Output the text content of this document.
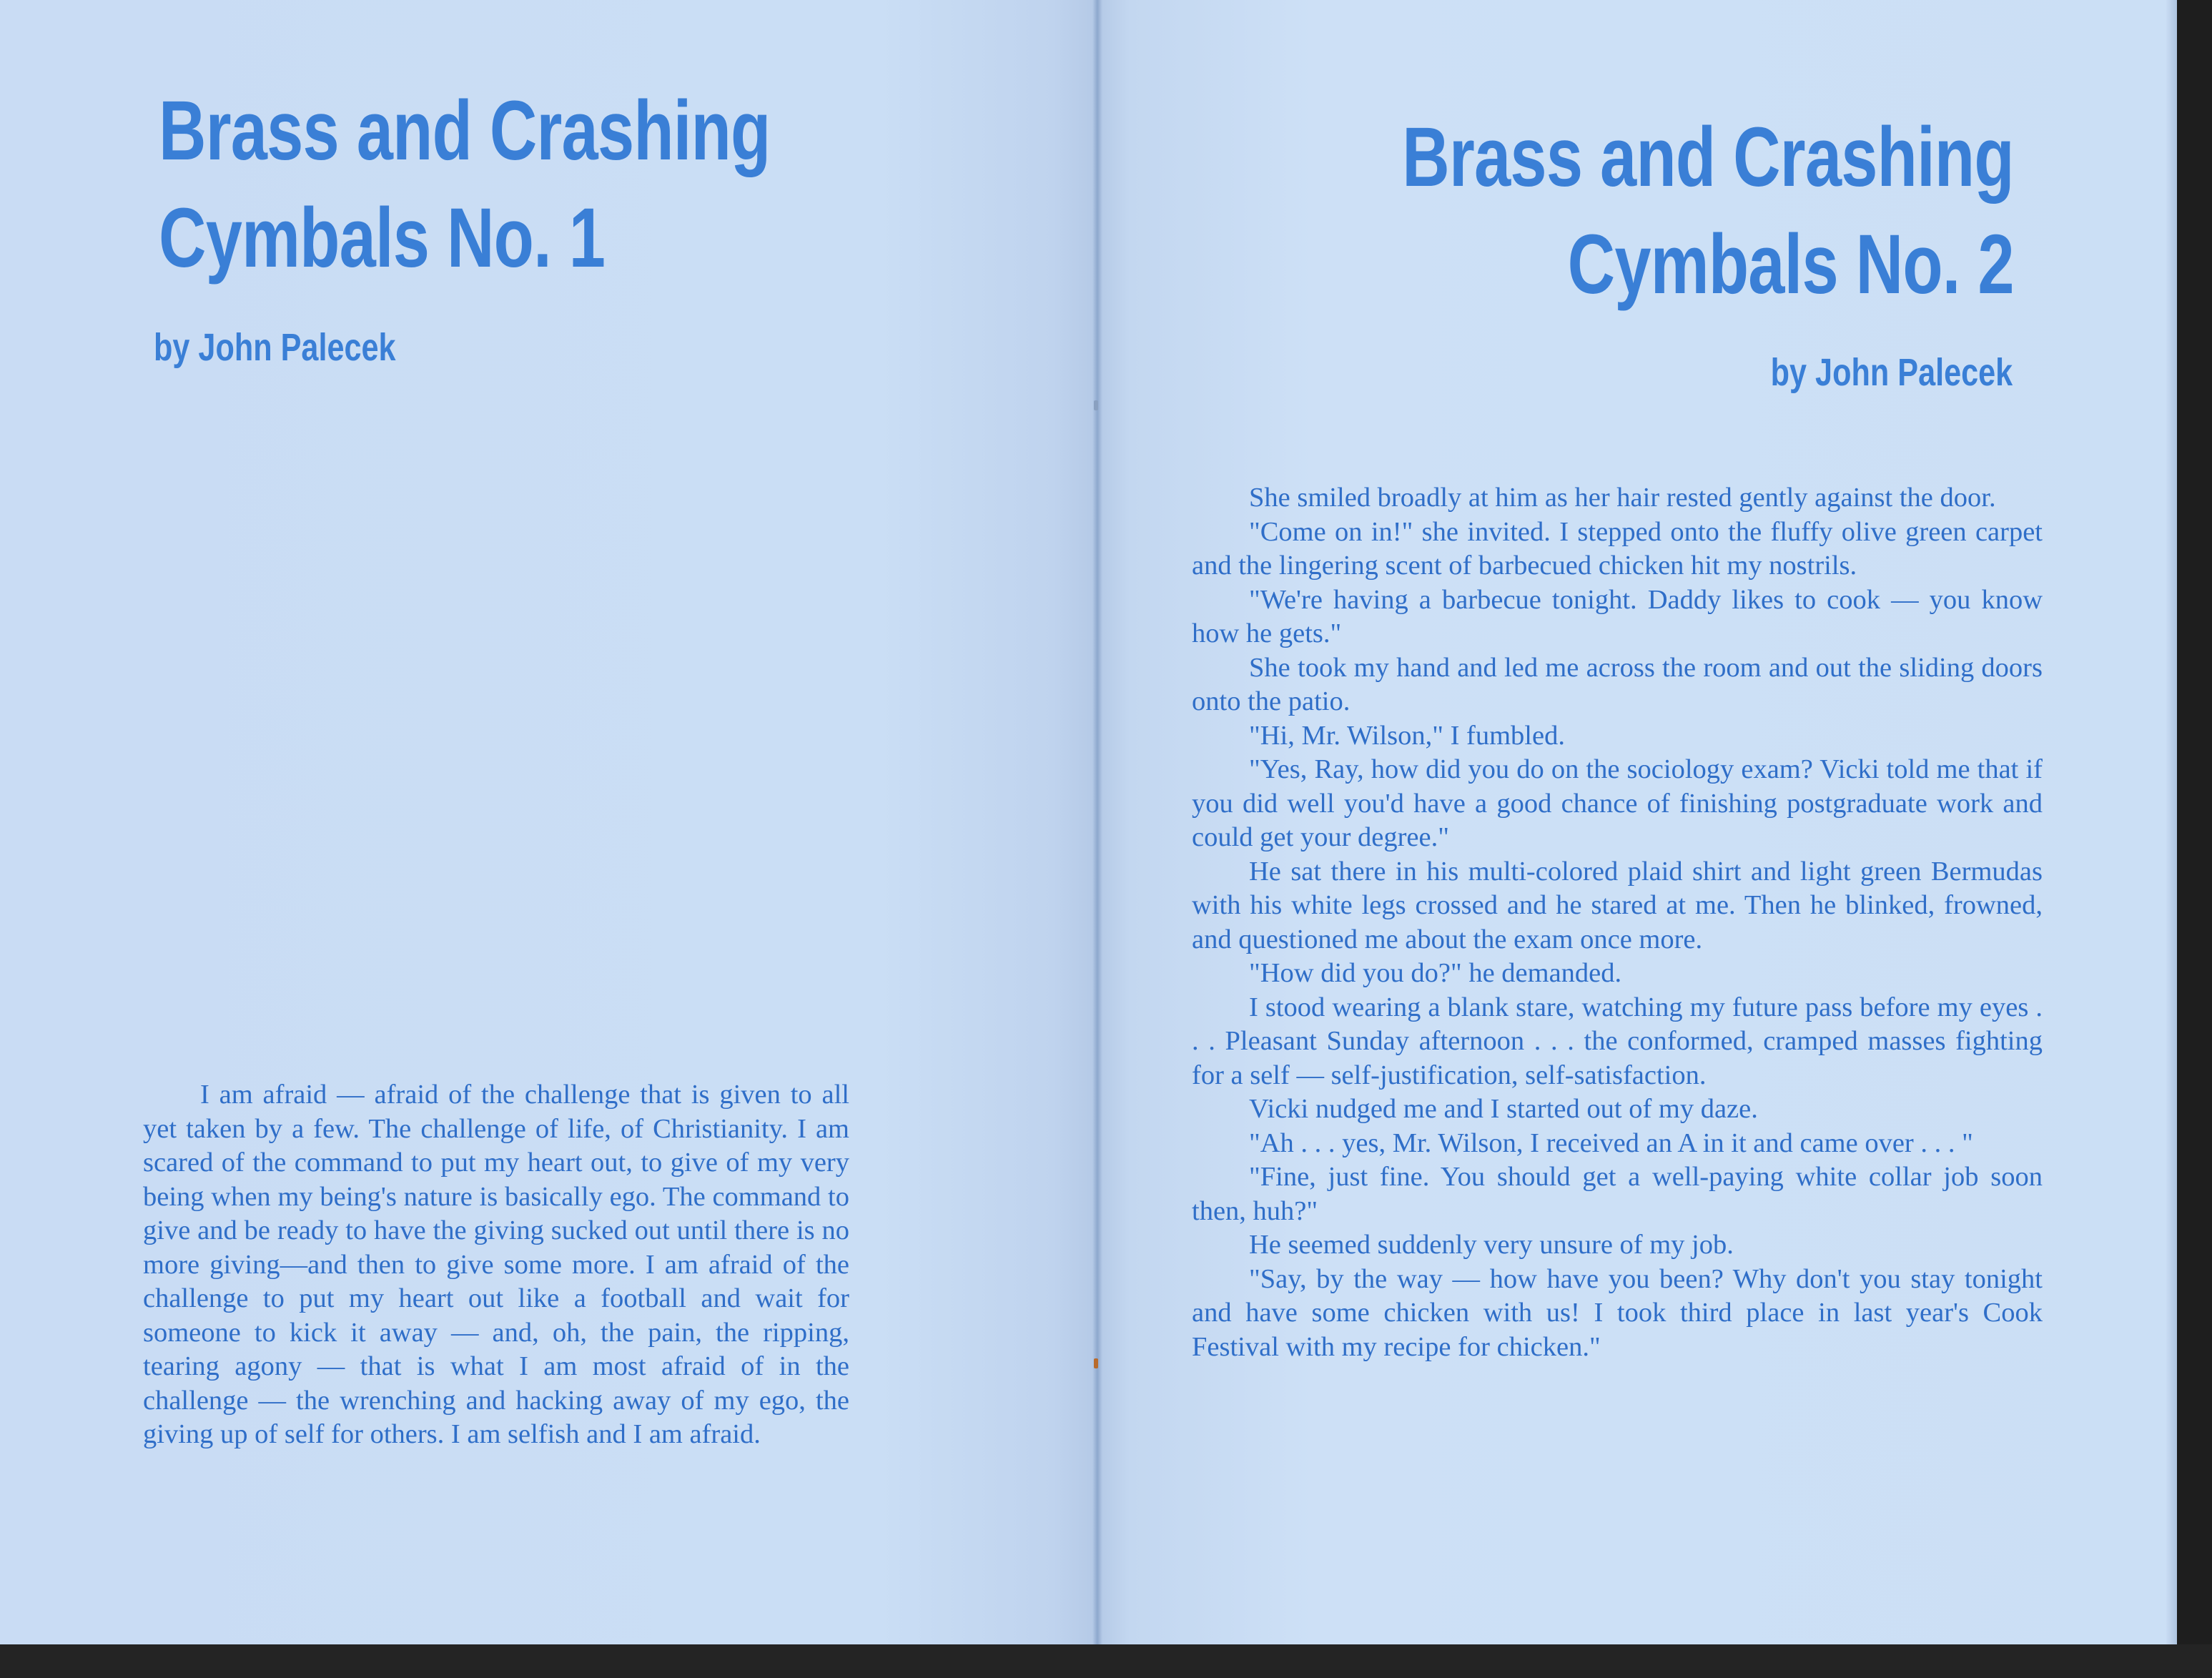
Brass and Crashing
Cymbals No. 1

by John Palecek

I am afraid — afraid of the challenge that is given to all yet taken by a few. The challenge of life, of Christianity. I am scared of the command to put my heart out, to give of my very being when my being's nature is basically ego. The command to give and be ready to have the giving sucked out until there is no more giving—and then to give some more. I am afraid of the challenge to put my heart out like a football and wait for someone to kick it away — and, oh, the pain, the ripping, tearing agony — that is what I am most afraid of in the challenge — the wrenching and hacking away of my ego, the giving up of self for others. I am selfish and I am afraid.

Brass and Crashing
Cymbals No. 2

by John Palecek

She smiled broadly at him as her hair rested gently against the door.

"Come on in!" she invited. I stepped onto the fluffy olive green carpet and the lingering scent of barbecued chicken hit my nostrils.

"We're having a barbecue tonight. Daddy likes to cook — you know how he gets."

She took my hand and led me across the room and out the sliding doors onto the patio.

"Hi, Mr. Wilson," I fumbled.

"Yes, Ray, how did you do on the sociology exam? Vicki told me that if you did well you'd have a good chance of finishing postgraduate work and could get your degree."

He sat there in his multi-colored plaid shirt and light green Bermudas with his white legs crossed and he stared at me. Then he blinked, frowned, and questioned me about the exam once more.

"How did you do?" he demanded.

I stood wearing a blank stare, watching my future pass before my eyes . . . Pleasant Sunday afternoon . . . the conformed, cramped masses fighting for a self — self-justification, self-satisfaction.

Vicki nudged me and I started out of my daze.

"Ah . . . yes, Mr. Wilson, I received an A in it and came over . . . "

"Fine, just fine. You should get a well-paying white collar job soon then, huh?"

He seemed suddenly very unsure of my job.

"Say, by the way — how have you been? Why don't you stay tonight and have some chicken with us! I took third place in last year's Cook Festival with my recipe for chicken."
